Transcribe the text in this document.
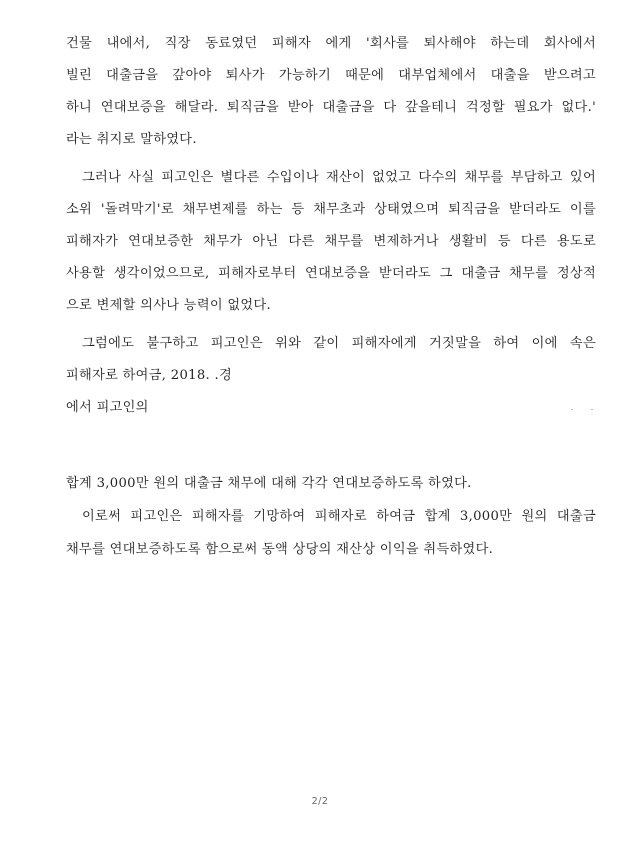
건물 내에서, 직장 동료였던 피해자 에게 '회사를 퇴사해야 하는데 회사에서
빌린 대출금을 갚아야 퇴사가 가능하기 때문에 대부업체에서 대출을 받으려고
하니 연대보증을 해달라. 퇴직금을 받아 대출금을 다 갚을테니 걱정할 필요가 없다.'
라는 취지로 말하였다.
그러나 사실 피고인은 별다른 수입이나 재산이 없었고 다수의 채무를 부담하고 있어
소위 '돌려막기'로 채무변제를 하는 등 채무초과 상태였으며 퇴직금을 받더라도 이를
피해자가 연대보증한 채무가 아닌 다른 채무를 변제하거나 생활비 등 다른 용도로
사용할 생각이었으므로, 피해자로부터 연대보증을 받더라도 그 대출금 채무를 정상적
으로 변제할 의사나 능력이 없었다.
그럼에도 불구하고 피고인은 위와 같이 피해자에게 거짓말을 하여 이에 속은
피해자로 하여금, 2018. .경
에서 피고인의
합계 3,000만 원의 대출금 채무에 대해 각각 연대보증하도록 하였다.
이로써 피고인은 피해자를 기망하여 피해자로 하여금 합계 3,000만 원의 대출금
채무를 연대보증하도록 함으로써 동액 상당의 재산상 이익을 취득하였다.
2/2
